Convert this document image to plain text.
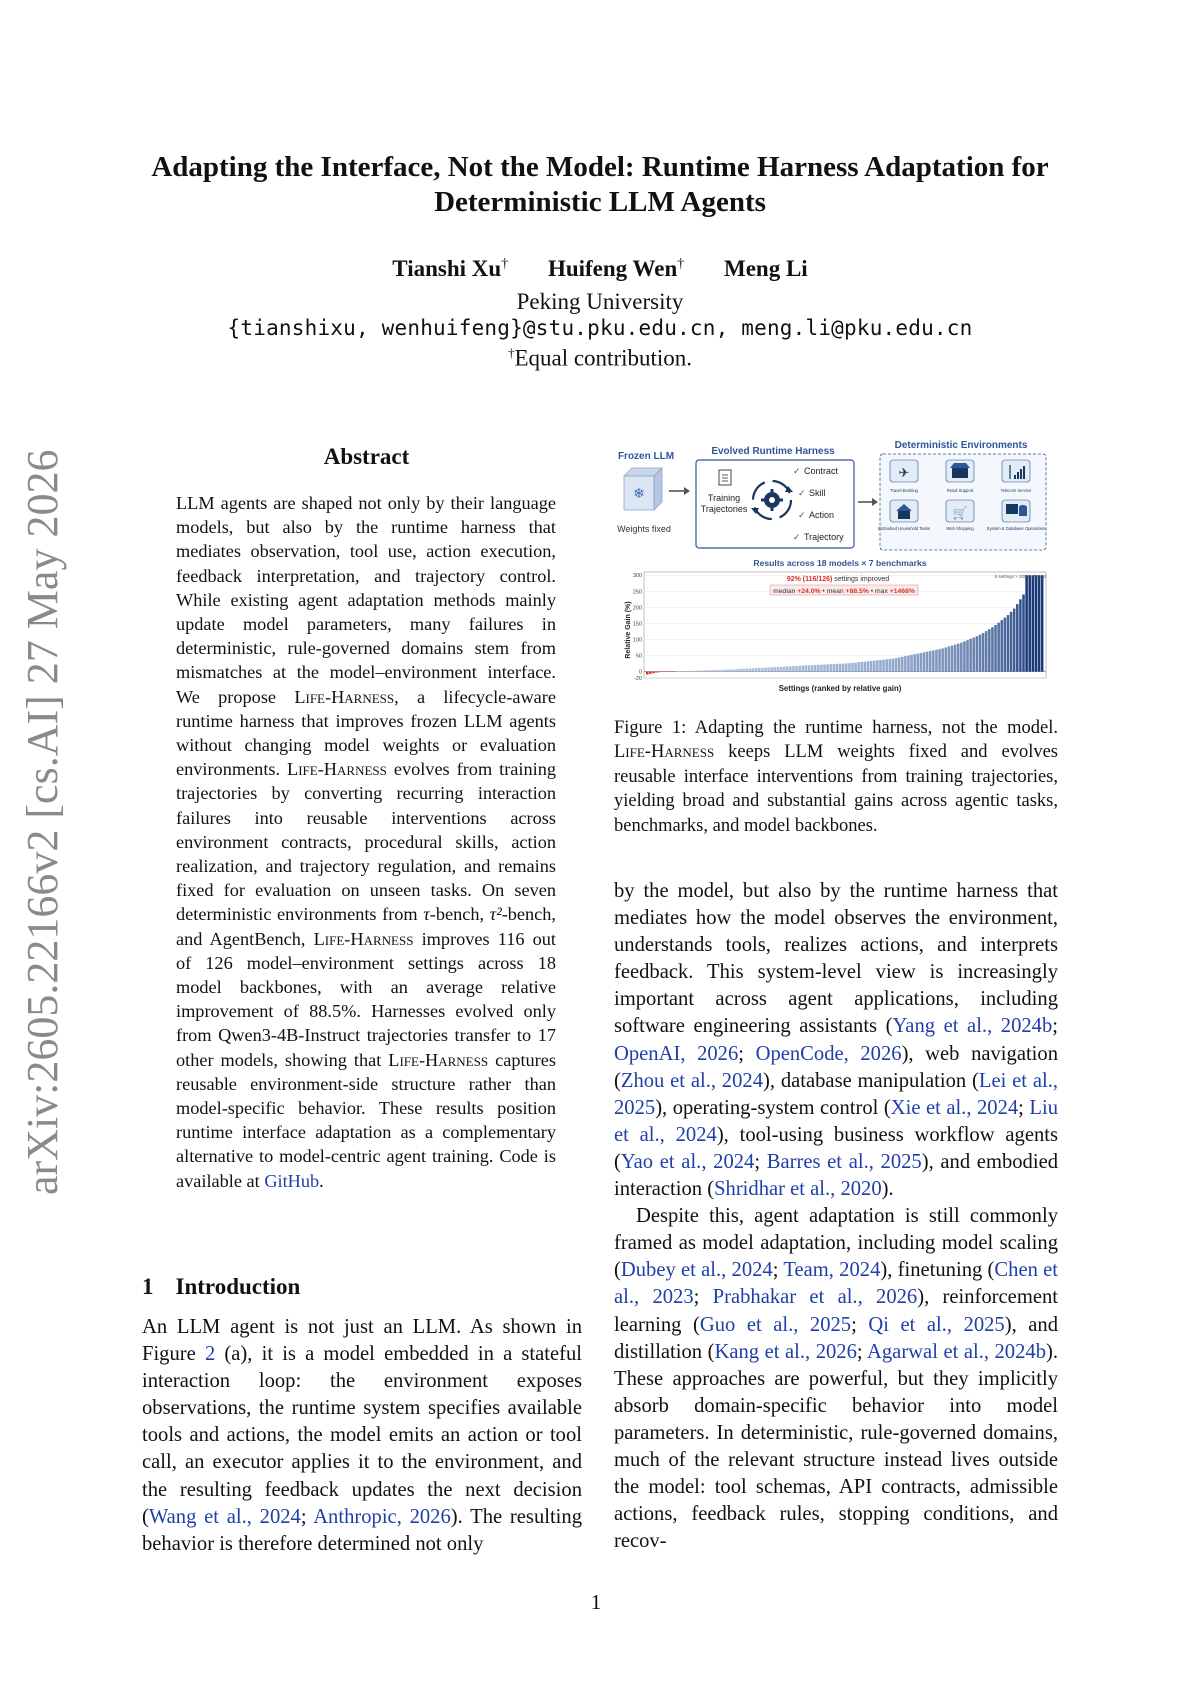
arXiv:2605.22166v2 [cs.AI] 27 May 2026
Adapting the Interface, Not the Model: Runtime Harness Adaptation for
Deterministic LLM Agents
Tianshi Xu† Huifeng Wen† Meng Li
Peking University
{tianshixu, wenhuifeng}@stu.pku.edu.cn, meng.li@pku.edu.cn
†Equal contribution.
Abstract
LLM agents are shaped not only by their language models, but also by the runtime harness that mediates observation, tool use, action execution, feedback interpretation, and trajectory control. While existing agent adaptation methods mainly update model parameters, many failures in deterministic, rule-governed domains stem from mismatches at the model–environment interface. We propose Life-Harness, a lifecycle-aware runtime harness that improves frozen LLM agents without changing model weights or evaluation environments. Life-Harness evolves from training trajectories by converting recurring interaction failures into reusable interventions across environment contracts, procedural skills, action realization, and trajectory regulation, and remains fixed for evaluation on unseen tasks. On seven deterministic environments from τ-bench, τ²-bench, and AgentBench, Life-Harness improves 116 out of 126 model–environment settings across 18 model backbones, with an average relative improvement of 88.5%. Harnesses evolved only from Qwen3-4B-Instruct trajectories transfer to 17 other models, showing that Life-Harness captures reusable environment-side structure rather than model-specific behavior. These results position runtime interface adaptation as a complementary alternative to model-centric agent training. Code is available at GitHub.
1 Introduction
An LLM agent is not just an LLM. As shown in Figure 2 (a), it is a model embedded in a stateful interaction loop: the environment exposes observations, the runtime system specifies available tools and actions, the model emits an action or tool call, an executor applies it to the environment, and the resulting feedback updates the next decision (Wang et al., 2024; Anthropic, 2026). The resulting behavior is therefore determined not only
Frozen LLM
❄
Weights fixed
Evolved Runtime Harness
Training
Trajectories
✓ Contract
✓ Skill
✓ Action
✓ Trajectory
Deterministic Environments
✈
Travel Booking	Retail Support	Telecom Service
Embodied Household Tasks
🛒
Web Shopping	System & Database Operations
Results across 18 models × 7 benchmarks
-20
0
50
100
150
200
250
300	92% (116/126) settings improved
median +24.0% • mean +88.5% • max +1468%
6 settings > 300% clipped
Relative Gain (%)
Settings (ranked by relative gain)
Figure 1: Adapting the runtime harness, not the model. Life-Harness keeps LLM weights fixed and evolves reusable interface interventions from training trajectories, yielding broad and substantial gains across agentic tasks, benchmarks, and model backbones.

by the model, but also by the runtime harness that mediates how the model observes the environment, understands tools, realizes actions, and interprets feedback. This system-level view is increasingly important across agent applications, including software engineering assistants (Yang et al., 2024b; OpenAI, 2026; OpenCode, 2026), web navigation (Zhou et al., 2024), database manipulation (Lei et al., 2025), operating-system control (Xie et al., 2024; Liu et al., 2024), tool-using business workflow agents (Yao et al., 2024; Barres et al., 2025), and embodied interaction (Shridhar et al., 2020).

Despite this, agent adaptation is still commonly framed as model adaptation, including model scaling (Dubey et al., 2024; Team, 2024), finetuning (Chen et al., 2023; Prabhakar et al., 2026), reinforcement learning (Guo et al., 2025; Qi et al., 2025), and distillation (Kang et al., 2026; Agarwal et al., 2024b). These approaches are powerful, but they implicitly absorb domain-specific behavior into model parameters. In deterministic, rule-governed domains, much of the relevant structure instead lives outside the model: tool schemas, API contracts, admissible actions, feedback rules, stopping conditions, and recov-

1
